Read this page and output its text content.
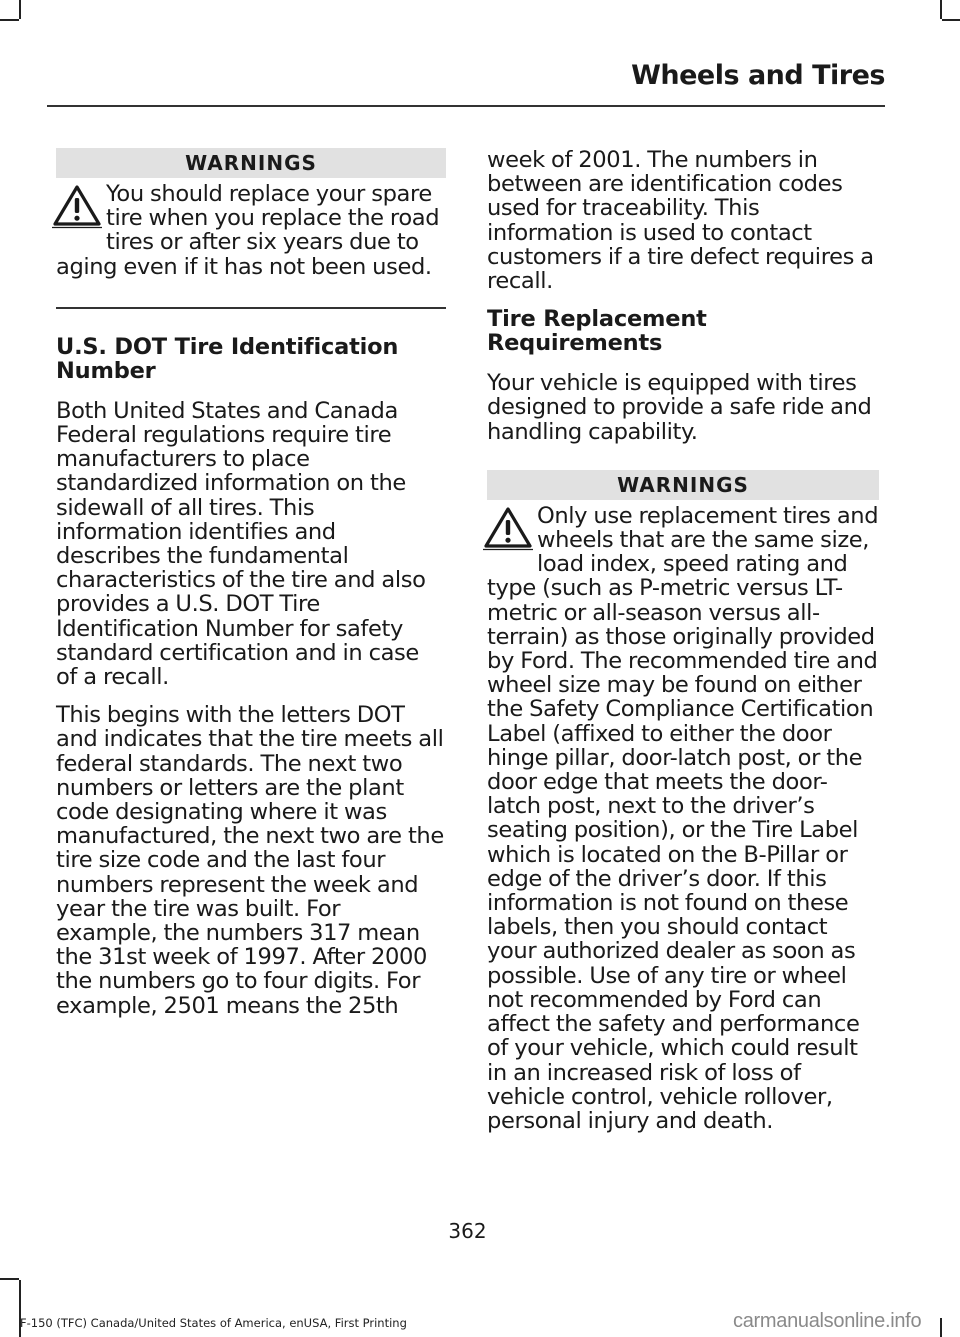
Wheels and Tires
WARNINGS
You should replace your spare tire when you replace the road tires or after six years due to aging even if it has not been used.
U.S. DOT Tire Identification Number

Both United States and Canada Federal regulations require tire manufacturers to place standardized information on the sidewall of all tires. This information identifies and describes the fundamental characteristics of the tire and also provides a U.S. DOT Tire Identification Number for safety standard certification and in case of a recall.

This begins with the letters DOT and indicates that the tire meets all federal standards. The next two numbers or letters are the plant code designating where it was manufactured, the next two are the tire size code and the last four numbers represent the week and year the tire was built. For example, the numbers 317 mean the 31st week of 1997. After 2000 the numbers go to four digits. For example, 2501 means the 25th

week of 2001. The numbers in between are identification codes used for traceability. This information is used to contact customers if a tire defect requires a recall.

Tire Replacement Requirements

Your vehicle is equipped with tires designed to provide a safe ride and handling capability.

WARNINGS
Only use replacement tires and wheels that are the same size, load index, speed rating and type (such as P-metric versus LT-metric or all-season versus all-terrain) as those originally provided by Ford. The recommended tire and wheel size may be found on either the Safety Compliance Certification Label (affixed to either the door hinge pillar, door-latch post, or the door edge that meets the door-latch post, next to the driver’s seating position), or the Tire Label which is located on the B-Pillar or edge of the driver’s door. If this information is not found on these labels, then you should contact your authorized dealer as soon as possible. Use of any tire or wheel not recommended by Ford can affect the safety and performance of your vehicle, which could result in an increased risk of loss of vehicle control, vehicle rollover, personal injury and death.
362
F-150 (TFC) Canada/United States of America, enUSA, First Printing	carmanualsonline.info
